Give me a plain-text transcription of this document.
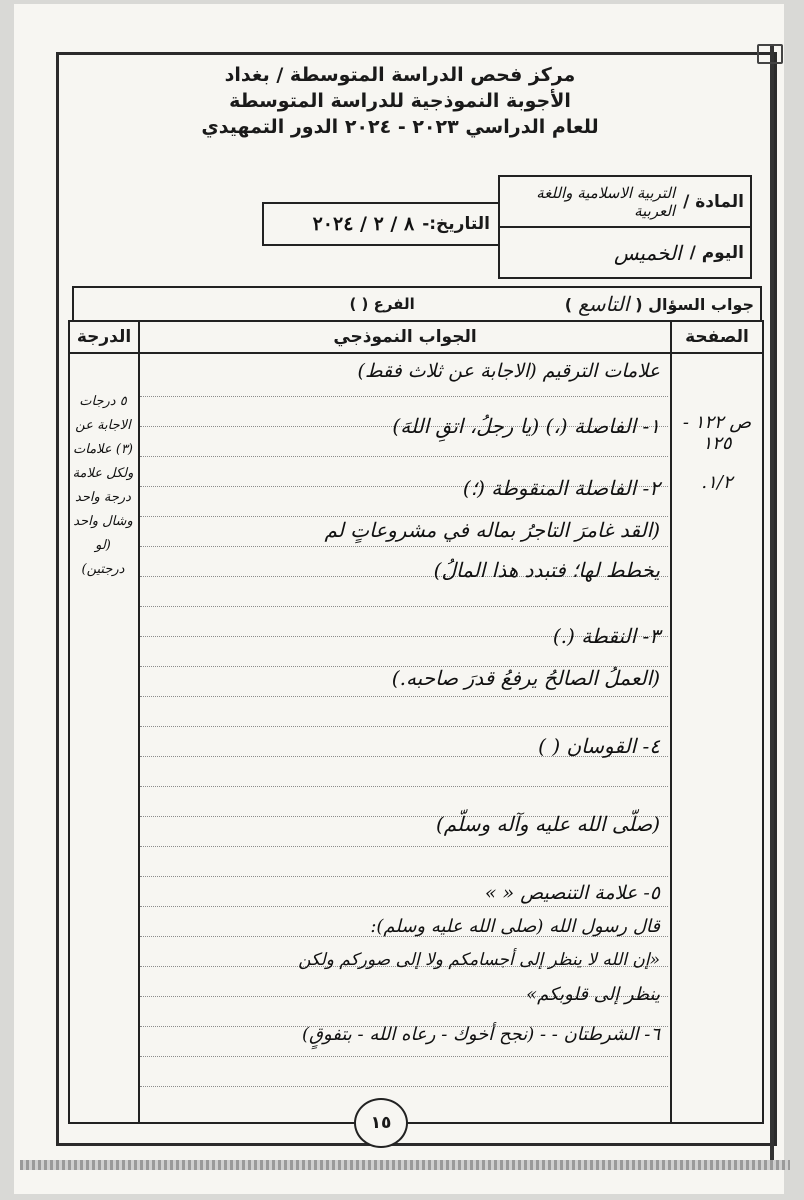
مركز فحص الدراسة المتوسطة / بغداد
الأجوبة النموذجية للدراسة المتوسطة
للعام الدراسي ٢٠٢٣ - ٢٠٢٤ الدور التمهيدي
المادة /
التربية الاسلامية واللغة العربية
اليوم /
الخميس
التاريخ:-
٨ / ٢ / ٢٠٢٤
جواب السؤال (
التاسع
)
الفرع ( )
الصفحة
الجواب النموذجي
الدرجة
ص ١٢٢ - ١٢٥
١/٢.
٥ درجات الاجابة عن (٣) علامات ولكل علامة درجة واحد وشال واحد (لو درجتين)
علامات الترقيم (الاجابة عن ثلاث فقط)
١- الفاصلة (،) (يا رجلُ، اتقِ اللهَ)
٢- الفاصلة المنقوطة (؛)
(القد غامرَ التاجرُ بماله في مشروعاتٍ لم
يخطط لها؛ فتبدد هذا المالُ)
٣- النقطة (.)
(العملُ الصالحُ يرفعُ قدرَ صاحبه.)
٤- القوسان ( )
(صلّى الله عليه وآله وسلّم)
٥- علامة التنصيص « »
قال رسول الله (صلى الله عليه وسلم):
«إن الله لا ينظر إلى أجسامكم ولا إلى صوركم ولكن
ينظر إلى قلوبكم»
٦- الشرطتان - - (نجح أخوك - رعاه الله - بتفوقٍ)
١٥
